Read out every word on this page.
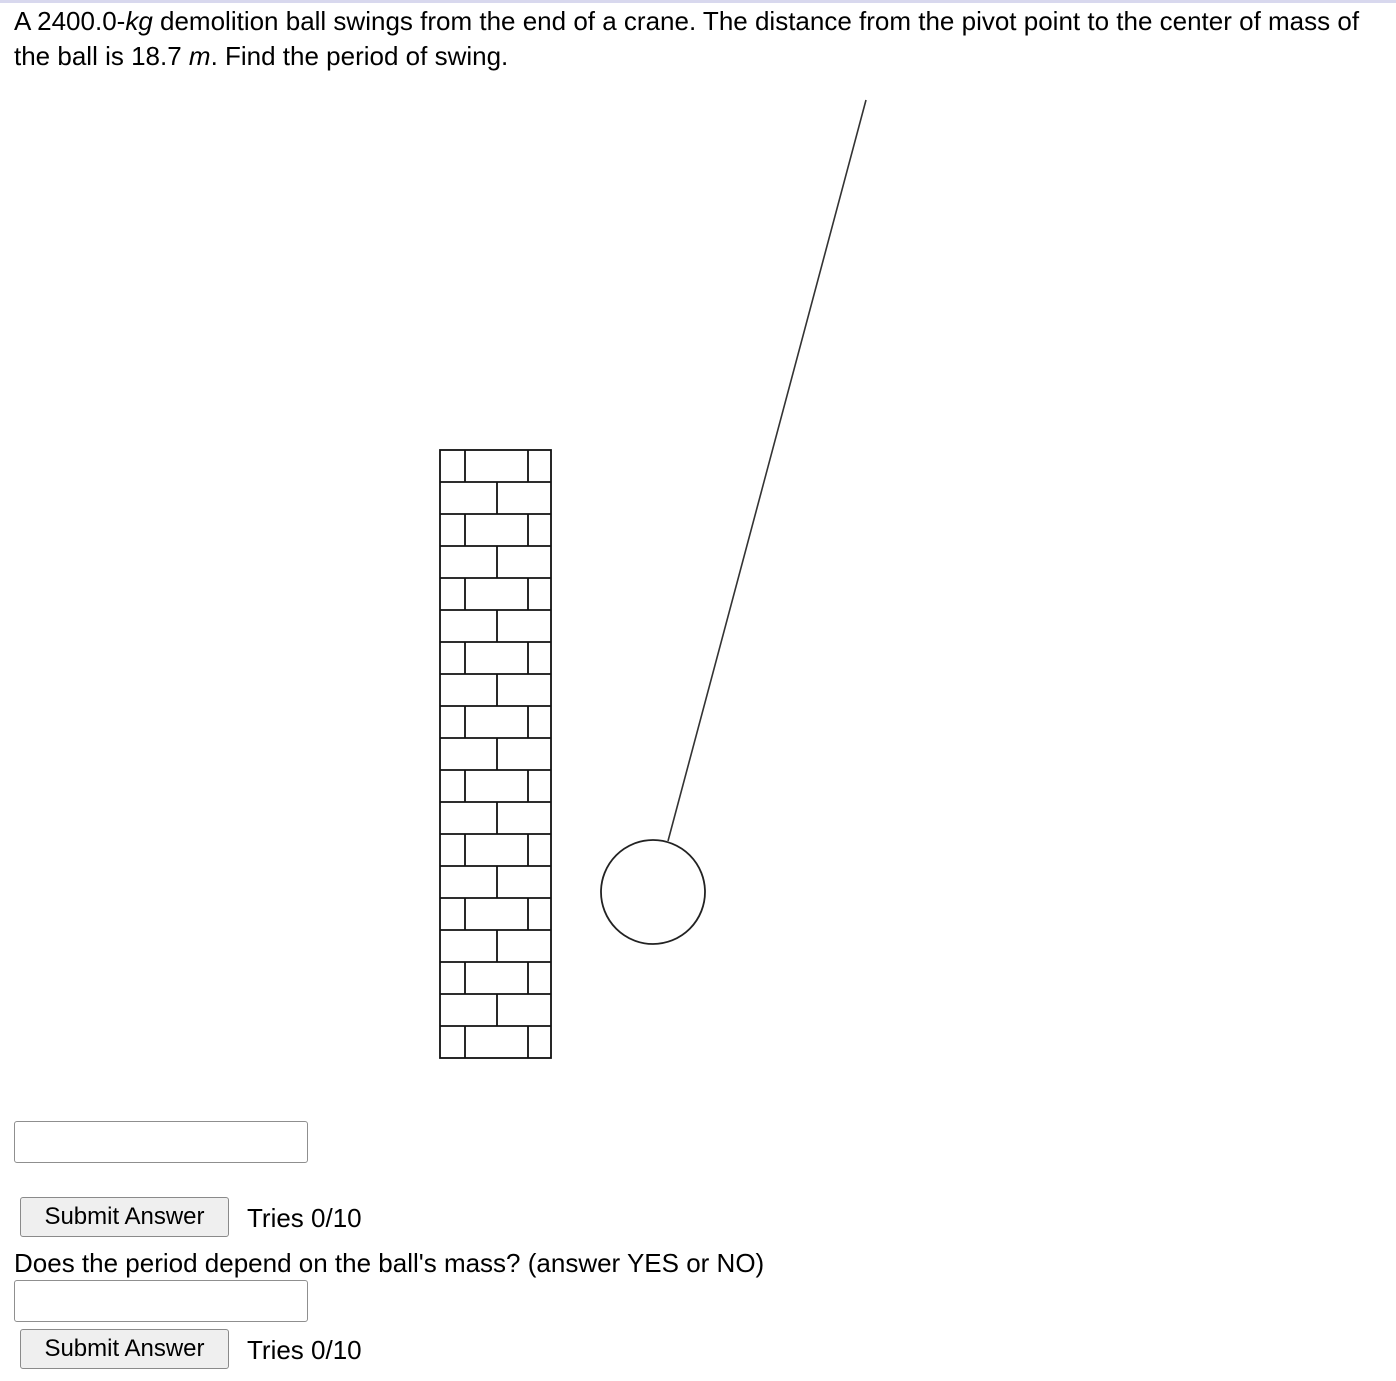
A 2400.0-kg demolition ball swings from the end of a crane. The distance from the pivot point to the center of mass of the ball is 18.7 m. Find the period of swing.

Submit Answer	Tries 0/10

Does the period depend on the ball's mass? (answer YES or NO)

Submit Answer	Tries 0/10
